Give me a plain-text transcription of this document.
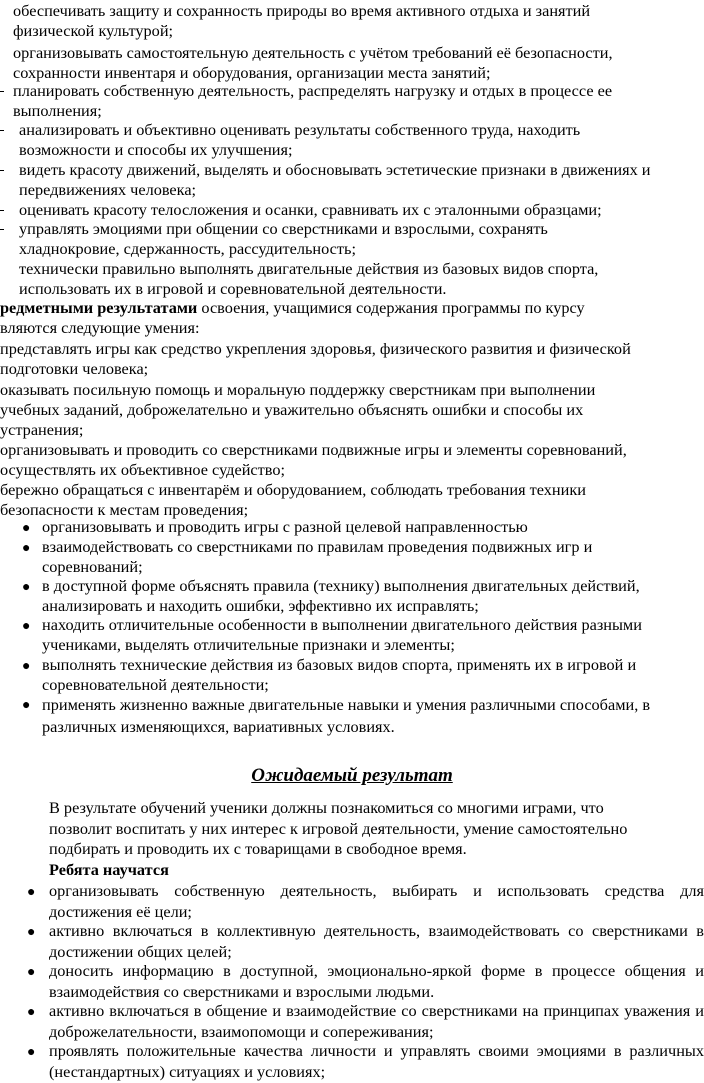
обеспечивать защиту и сохранность природы во время активного отдыха и занятий физической культурой;

организовывать самостоятельную деятельность с учётом требований её безопасности, сохранности инвентаря и оборудования, организации места занятий;

планировать собственную деятельность, распределять нагрузку и отдых в процессе ее выполнения;

анализировать и объективно оценивать результаты собственного труда, находить возможности и способы их улучшения;

видеть красоту движений, выделять и обосновывать эстетические признаки в движениях и передвижениях человека;

оценивать красоту телосложения и осанки, сравнивать их с эталонными образцами;

управлять эмоциями при общении со сверстниками и взрослыми, сохранять хладнокровие, сдержанность, рассудительность;

технически правильно выполнять двигательные действия из базовых видов спорта, использовать их в игровой и соревновательной деятельности.

редметными результатами освоения, учащимися содержания программы по курсу

вляются следующие умения:

представлять игры как средство укрепления здоровья, физического развития и физической

подготовки человека;

оказывать посильную помощь и моральную поддержку сверстникам при выполнении

учебных заданий, доброжелательно и уважительно объяснять ошибки и способы их

устранения;

организовывать и проводить со сверстниками подвижные игры и элементы соревнований,

осуществлять их объективное судейство;

бережно обращаться с инвентарём и оборудованием, соблюдать требования техники

безопасности к местам проведения;

● организовывать и проводить игры с разной целевой направленностью

● взаимодействовать со сверстниками по правилам проведения подвижных игр и соревнований;

● в доступной форме объяснять правила (технику) выполнения двигательных действий, анализировать и находить ошибки, эффективно их исправлять;

● находить отличительные особенности в выполнении двигательного действия разными учениками, выделять отличительные признаки и элементы;

● выполнять технические действия из базовых видов спорта, применять их в игровой и соревновательной деятельности;

● применять жизненно важные двигательные навыки и умения различными способами, в различных изменяющихся, вариативных условиях.

Ожидаемый результат

В результате обучений ученики должны познакомиться со многими играми, что позволит воспитать у них интерес к игровой деятельности, умение самостоятельно подбирать и проводить их с товарищами в свободное время.

Ребята научатся

● организовывать собственную деятельность, выбирать и использовать средства для достижения её цели;

● активно включаться в коллективную деятельность, взаимодействовать со сверстниками в достижении общих целей;

● доносить информацию в доступной, эмоционально-яркой форме в процессе общения и взаимодействия со сверстниками и взрослыми людьми.

● активно включаться в общение и взаимодействие со сверстниками на принципах уважения и доброжелательности, взаимопомощи и сопереживания;

● проявлять положительные качества личности и управлять своими эмоциями в различных (нестандартных) ситуациях и условиях;
